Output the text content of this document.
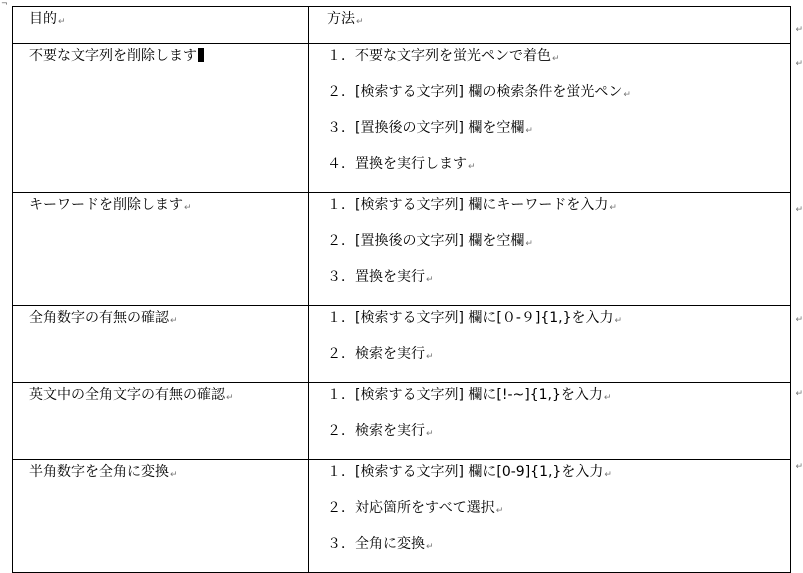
¬
目的↵	方法↵

不要な文字列を削除します	１．不要な文字列を蛍光ペンで着色↵
２．[検索する文字列] 欄の検索条件を蛍光ペン↵
３．[置換後の文字列] 欄を空欄↵
４．置換を実行します↵

キーワードを削除します↵	１．[検索する文字列] 欄にキーワードを入力↵
２．[置換後の文字列] 欄を空欄↵
３．置換を実行↵

全角数字の有無の確認↵	１．[検索する文字列] 欄に[０-９]{1,}を入力↵
２．検索を実行↵

英文中の全角文字の有無の確認↵	１．[検索する文字列] 欄に[!-~]{1,}を入力↵
２．検索を実行↵

半角数字を全角に変換↵	１．[検索する文字列] 欄に[0-9]{1,}を入力↵
２．対応箇所をすべて選択↵
３．全角に変換↵
↵
↵
↵
↵
↵
↵
